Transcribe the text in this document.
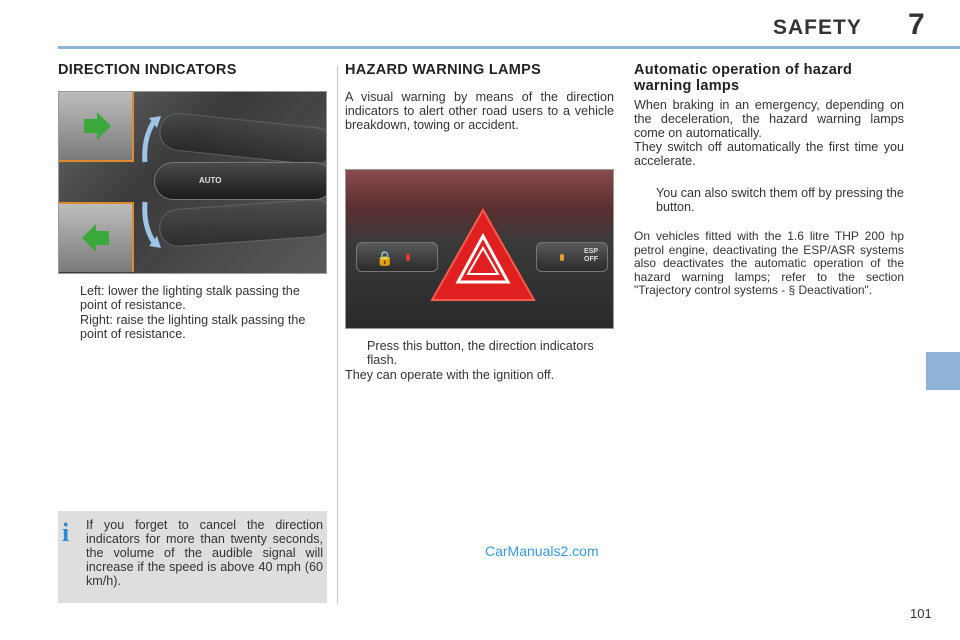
SAFETY 7
DIRECTION INDICATORS
AUTO
Left: lower the lighting stalk passing the point of resistance.
Right: raise the lighting stalk passing the point of resistance.
i If you forget to cancel the direction indicators for more than twenty seconds, the volume of the audible signal will increase if the speed is above 40 mph (60 km/h).
HAZARD WARNING LAMPS
A visual warning by means of the direction indicators to alert other road users to a vehicle breakdown, towing or accident.
🔒	ESP
OFF
Press this button, the direction indicators flash.
They can operate with the ignition off.
Automatic operation of hazard warning lamps
When braking in an emergency, depending on the deceleration, the hazard warning lamps come on automatically.
They switch off automatically the first time you accelerate.
You can also switch them off by pressing the button.
On vehicles fitted with the 1.6 litre THP 200 hp petrol engine, deactivating the ESP/ASR systems also deactivates the automatic operation of the hazard warning lamps; refer to the section "Trajectory control systems - § Deactivation".
CarManuals2.com
101
